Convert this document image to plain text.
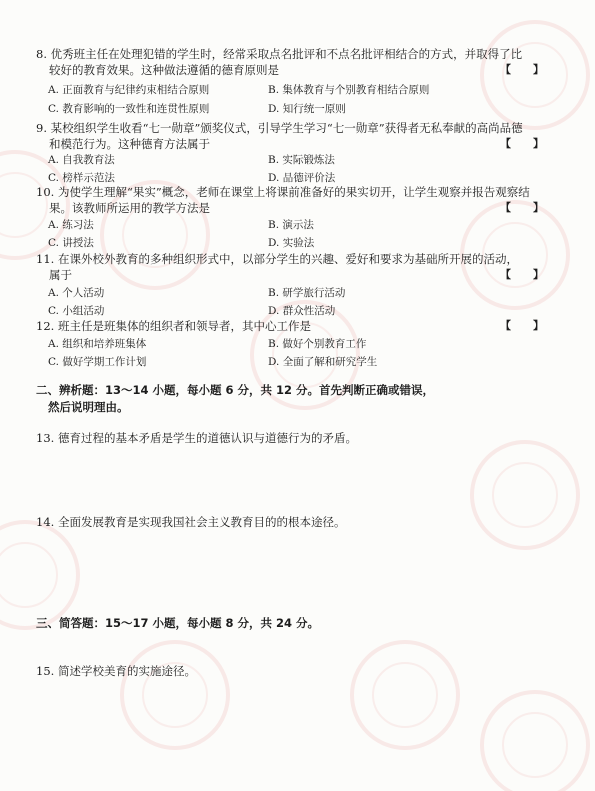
8. 优秀班主任在处理犯错的学生时，经常采取点名批评和不点名批评相结合的方式，并取得了比
较好的教育效果。这种做法遵循的德育原则是	【　　】
A. 正面教育与纪律约束相结合原则	B. 集体教育与个别教育相结合原则
C. 教育影响的一致性和连贯性原则	D. 知行统一原则
9. 某校组织学生收看“七一勋章”颁奖仪式，引导学生学习“七一勋章”获得者无私奉献的高尚品德
和模范行为。这种德育方法属于	【　　】
A. 自我教育法	B. 实际锻炼法
C. 榜样示范法	D. 品德评价法
10. 为使学生理解“果实”概念，老师在课堂上将课前准备好的果实切开，让学生观察并报告观察结
果。该教师所运用的教学方法是	【　　】
A. 练习法	B. 演示法
C. 讲授法	D. 实验法
11. 在课外校外教育的多种组织形式中，以部分学生的兴趣、爱好和要求为基础所开展的活动，
属于	【　　】
A. 个人活动	B. 研学旅行活动
C. 小组活动	D. 群众性活动
12. 班主任是班集体的组织者和领导者，其中心工作是	【　　】
A. 组织和培养班集体	B. 做好个别教育工作
C. 做好学期工作计划	D. 全面了解和研究学生
二、辨析题：13～14 小题，每小题 6 分，共 12 分。首先判断正确或错误，
然后说明理由。
13. 德育过程的基本矛盾是学生的道德认识与道德行为的矛盾。
14. 全面发展教育是实现我国社会主义教育目的的根本途径。
三、简答题：15～17 小题，每小题 8 分，共 24 分。
15. 简述学校美育的实施途径。
